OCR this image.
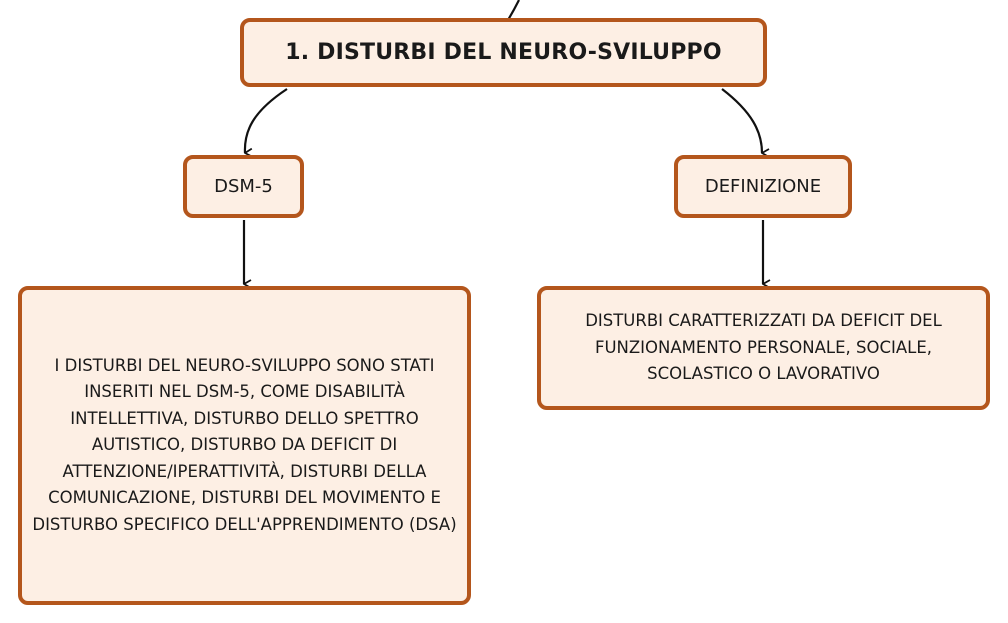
1. DISTURBI DEL NEURO-SVILUPPO
DSM-5	DEFINIZIONE
I DISTURBI DEL NEURO-SVILUPPO SONO STATI INSERITI NEL DSM-5, COME DISABILITÀ INTELLETTIVA, DISTURBO DELLO SPETTRO AUTISTICO, DISTURBO DA DEFICIT DI ATTENZIONE/IPERATTIVITÀ, DISTURBI DELLA COMUNICAZIONE, DISTURBI DEL MOVIMENTO E DISTURBO SPECIFICO DELL'APPRENDIMENTO (DSA)
DISTURBI CARATTERIZZATI DA DEFICIT DEL FUNZIONAMENTO PERSONALE, SOCIALE, SCOLASTICO O LAVORATIVO
